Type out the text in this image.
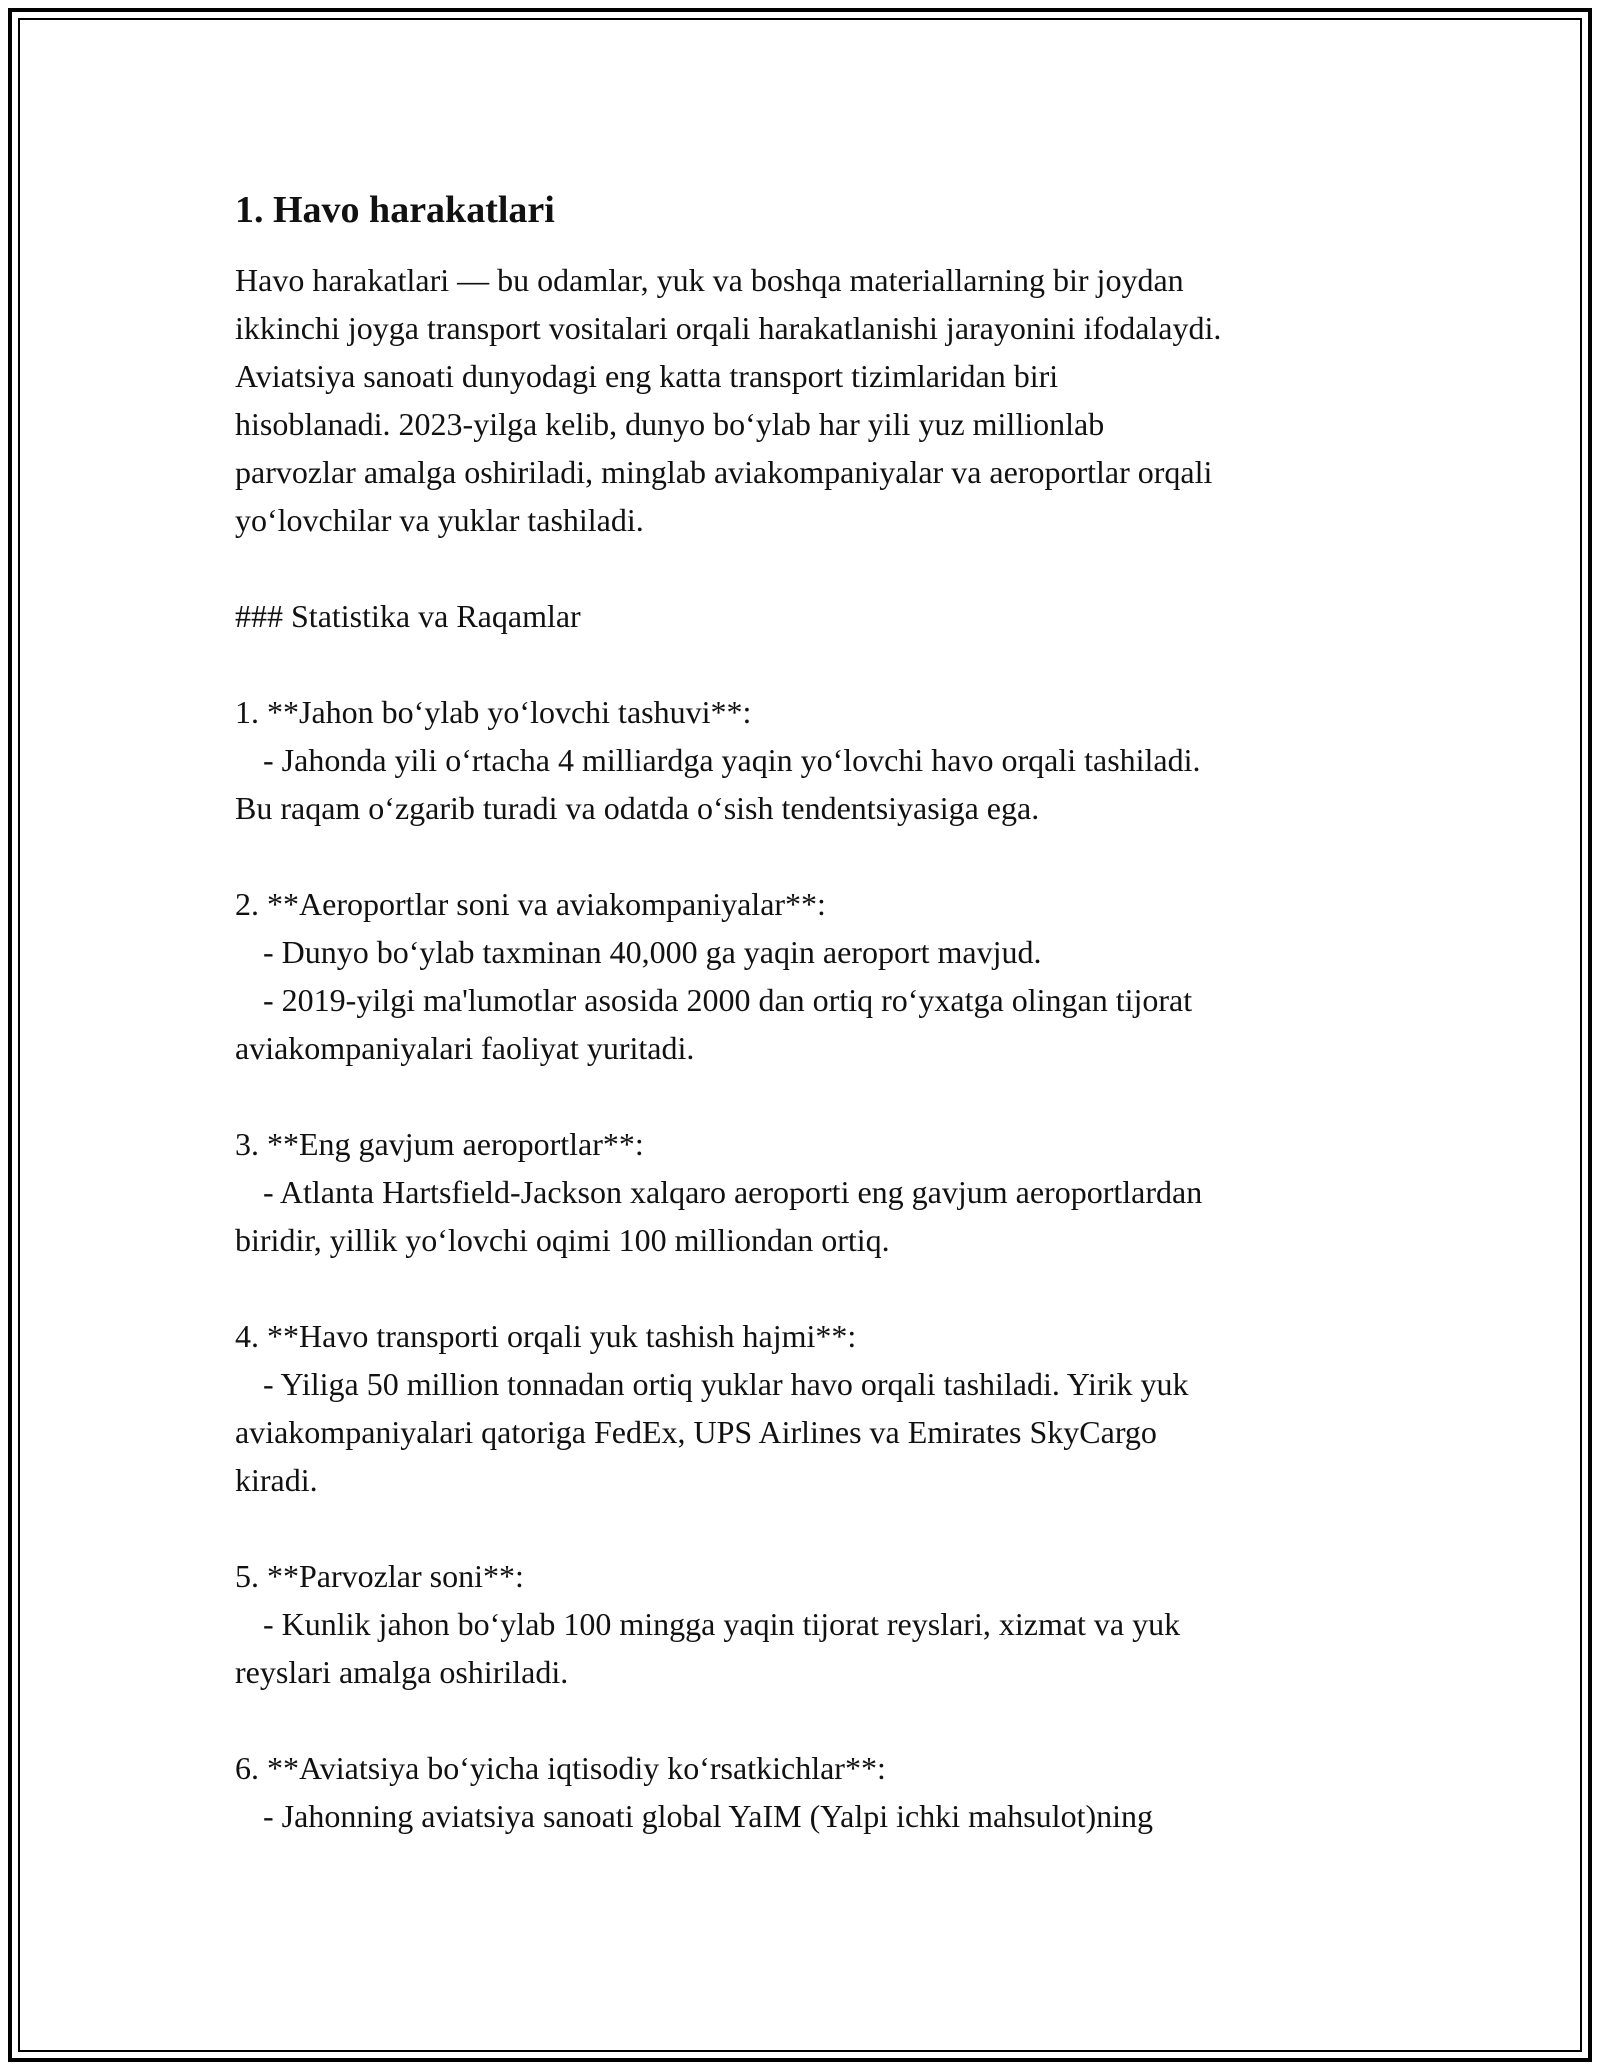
1. Havo harakatlari
Havo harakatlari — bu odamlar, yuk va boshqa materiallarning bir joydan
ikkinchi joyga transport vositalari orqali harakatlanishi jarayonini ifodalaydi.
Aviatsiya sanoati dunyodagi eng katta transport tizimlaridan biri
hisoblanadi. 2023-yilga kelib, dunyo bo‘ylab har yili yuz millionlab
parvozlar amalga oshiriladi, minglab aviakompaniyalar va aeroportlar orqali
yo‘lovchilar va yuklar tashiladi.

### Statistika va Raqamlar

1. **Jahon bo‘ylab yo‘lovchi tashuvi**:

- Jahonda yili o‘rtacha 4 milliardga yaqin yo‘lovchi havo orqali tashiladi.
Bu raqam o‘zgarib turadi va odatda o‘sish tendentsiyasiga ega.

2. **Aeroportlar soni va aviakompaniyalar**:

- Dunyo bo‘ylab taxminan 40,000 ga yaqin aeroport mavjud.

- 2019-yilgi ma'lumotlar asosida 2000 dan ortiq ro‘yxatga olingan tijorat
aviakompaniyalari faoliyat yuritadi.

3. **Eng gavjum aeroportlar**:

- Atlanta Hartsfield-Jackson xalqaro aeroporti eng gavjum aeroportlardan
biridir, yillik yo‘lovchi oqimi 100 milliondan ortiq.

4. **Havo transporti orqali yuk tashish hajmi**:

- Yiliga 50 million tonnadan ortiq yuklar havo orqali tashiladi. Yirik yuk
aviakompaniyalari qatoriga FedEx, UPS Airlines va Emirates SkyCargo
kiradi.

5. **Parvozlar soni**:

- Kunlik jahon bo‘ylab 100 mingga yaqin tijorat reyslari, xizmat va yuk
reyslari amalga oshiriladi.

6. **Aviatsiya bo‘yicha iqtisodiy ko‘rsatkichlar**:

- Jahonning aviatsiya sanoati global YaIM (Yalpi ichki mahsulot)ning
